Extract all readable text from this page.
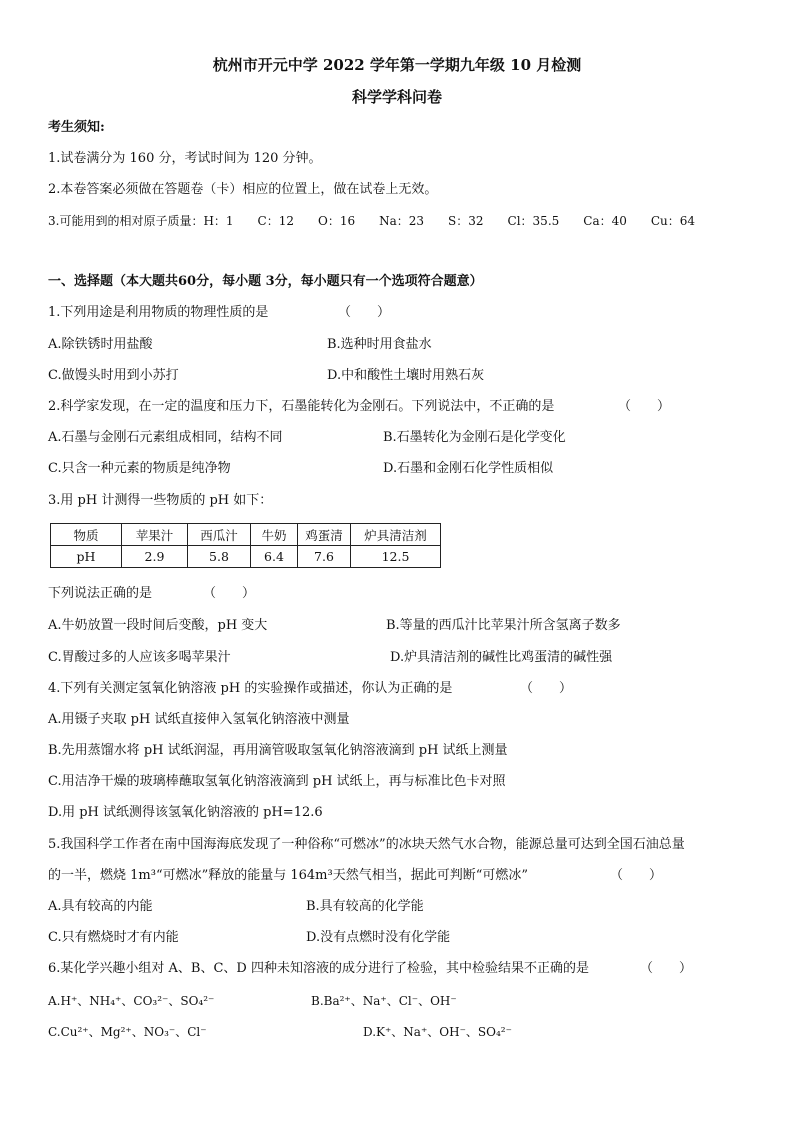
杭州市开元中学 2022 学年第一学期九年级 10 月检测
科学学科问卷
考生须知:
1.试卷满分为 160 分，考试时间为 120 分钟。
2.本卷答案必须做在答题卷（卡）相应的位置上，做在试卷上无效。
3.可能用到的相对原子质量：H：1　　C：12　　O：16　　Na：23　　S：32　　Cl：35.5　　Ca：40　　Cu：64
一、选择题（本大题共60分，每小题 3分，每小题只有一个选项符合题意）
1.下列用途是利用物质的物理性质的是	（　　）
A.除铁锈时用盐酸	B.选种时用食盐水
C.做馒头时用到小苏打	D.中和酸性土壤时用熟石灰
2.科学家发现，在一定的温度和压力下，石墨能转化为金刚石。下列说法中，不正确的是	（　　）
A.石墨与金刚石元素组成相同，结构不同	B.石墨转化为金刚石是化学变化
C.只含一种元素的物质是纯净物	D.石墨和金刚石化学性质相似
3.用 pH 计测得一些物质的 pH 如下：
物质	苹果汁	西瓜汁	牛奶	鸡蛋清	炉具清洁剂
pH	2.9	5.8	6.4	7.6	12.5
下列说法正确的是	（　　）
A.牛奶放置一段时间后变酸，pH 变大	B.等量的西瓜汁比苹果汁所含氢离子数多
C.胃酸过多的人应该多喝苹果汁	D.炉具清洁剂的碱性比鸡蛋清的碱性强
4.下列有关测定氢氧化钠溶液 pH 的实验操作或描述，你认为正确的是	（　　）
A.用镊子夹取 pH 试纸直接伸入氢氧化钠溶液中测量
B.先用蒸馏水将 pH 试纸润湿，再用滴管吸取氢氧化钠溶液滴到 pH 试纸上测量
C.用洁净干燥的玻璃棒蘸取氢氧化钠溶液滴到 pH 试纸上，再与标准比色卡对照
D.用 pH 试纸测得该氢氧化钠溶液的 pH=12.6
5.我国科学工作者在南中国海海底发现了一种俗称“可燃冰”的冰块天然气水合物，能源总量可达到全国石油总量
的一半，燃烧 1m³“可燃冰”释放的能量与 164m³天然气相当，据此可判断“可燃冰”	（　　）
A.具有较高的内能	B.具有较高的化学能
C.只有燃烧时才有内能	D.没有点燃时没有化学能
6.某化学兴趣小组对 A、B、C、D 四种未知溶液的成分进行了检验，其中检验结果不正确的是	（　　）
A.H⁺、NH₄⁺、CO₃²⁻、SO₄²⁻	B.Ba²⁺、Na⁺、Cl⁻、OH⁻
C.Cu²⁺、Mg²⁺、NO₃⁻、Cl⁻	D.K⁺、Na⁺、OH⁻、SO₄²⁻
